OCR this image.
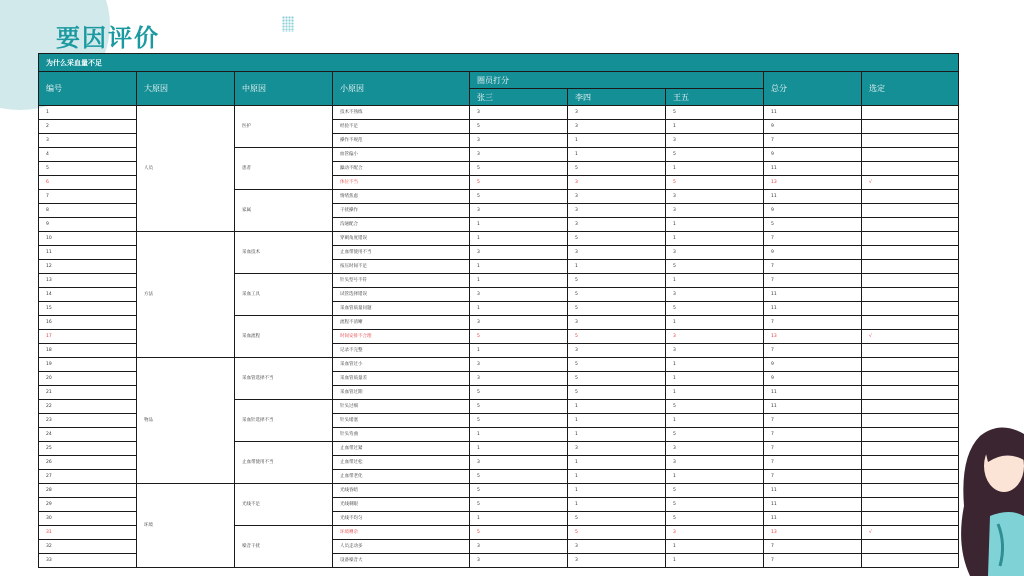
要因评价
为什么采血量不足								
编号	大原因	中原因	小原因	圈员打分			总分	选定
				张三	李四	王五		
1	人员	医护	技术不熟练	3	3	5	11	
2			经验不足	5	3	1	9	
3			操作不规范	3	1	3	7	
4		患者	血管偏小	3	1	5	9	
5			躁动不配合	5	5	1	11	
6			体位不当	5	3	5	13	√
7		家属	情绪焦虑	5	3	3	11	
8			干扰操作	3	3	3	9	
9			沟通配合	1	3	1	5	
10	方法	采血技术	穿刺角度错误	1	5	1	7	
11			止血带使用不当	3	3	3	9	
12			按压时间不足	1	1	5	7	
13		采血工具	针头型号不符	1	5	1	7	
14			试管选择错误	3	5	3	11	
15			采血管质量问题	1	5	5	11	
16		采血流程	流程不清晰	3	3	1	7	
17			时间安排不合理	5	5	3	13	√
18			记录不完整	1	3	3	7	
19	物品	采血管选择不当	采血管过小	3	5	1	9	
20			采血管质量差	3	5	1	9	
21			采血管过期	5	5	1	11	
22		采血针选择不当	针头过细	5	1	5	11	
23			针头堵塞	5	1	1	7	
24			针头弯曲	1	1	5	7	
25		止血带使用不当	止血带过紧	1	3	3	7	
26			止血带过松	3	1	3	7	
27			止血带老化	5	1	1	7	
28	环境	光线不足	光线昏暗	5	1	5	11	
29			光线刺眼	5	1	5	11	
30			光线不均匀	1	5	5	11	
31		噪音干扰	环境嘈杂	5	5	3	13	√
32			人员走动多	3	3	1	7	
33			设备噪音大	3	3	1	7	
